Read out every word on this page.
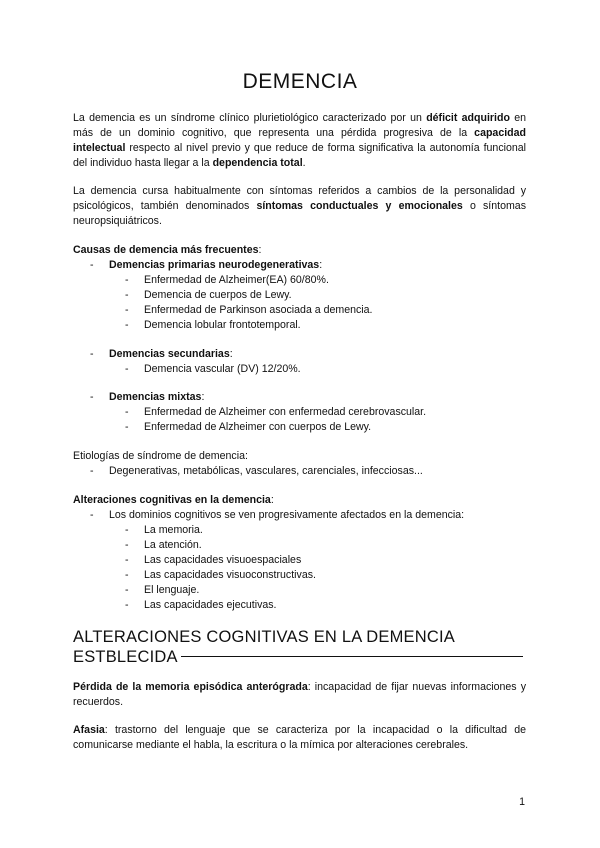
DEMENCIA

La demencia es un síndrome clínico plurietiológico caracterizado por un déficit adquirido en más de un dominio cognitivo, que representa una pérdida progresiva de la capacidad intelectual respecto al nivel previo y que reduce de forma significativa la autonomía funcional del individuo hasta llegar a la dependencia total.

La demencia cursa habitualmente con síntomas referidos a cambios de la personalidad y psicológicos, también denominados síntomas conductuales y emocionales o síntomas neuropsiquiátricos.

Causas de demencia más frecuentes:

- Demencias primarias neurodegenerativas:
- Enfermedad de Alzheimer(EA) 60/80%.
- Demencia de cuerpos de Lewy.
- Enfermedad de Parkinson asociada a demencia.
- Demencia lobular frontotemporal.
- Demencias secundarias:
- Demencia vascular (DV) 12/20%.
- Demencias mixtas:
- Enfermedad de Alzheimer con enfermedad cerebrovascular.
- Enfermedad de Alzheimer con cuerpos de Lewy.

Etiologías de síndrome de demencia:

- Degenerativas, metabólicas, vasculares, carenciales, infecciosas...

Alteraciones cognitivas en la demencia:

- Los dominios cognitivos se ven progresivamente afectados en la demencia:
- La memoria.
- La atención.
- Las capacidades visuoespaciales
- Las capacidades visuoconstructivas.
- El lenguaje.
- Las capacidades ejecutivas.
ALTERACIONES COGNITIVAS EN LA DEMENCIA
ESTBLECIDA

Pérdida de la memoria episódica anterógrada: incapacidad de fijar nuevas informaciones y recuerdos.

Afasia: trastorno del lenguaje que se caracteriza por la incapacidad o la dificultad de comunicarse mediante el habla, la escritura o la mímica por alteraciones cerebrales.

1
